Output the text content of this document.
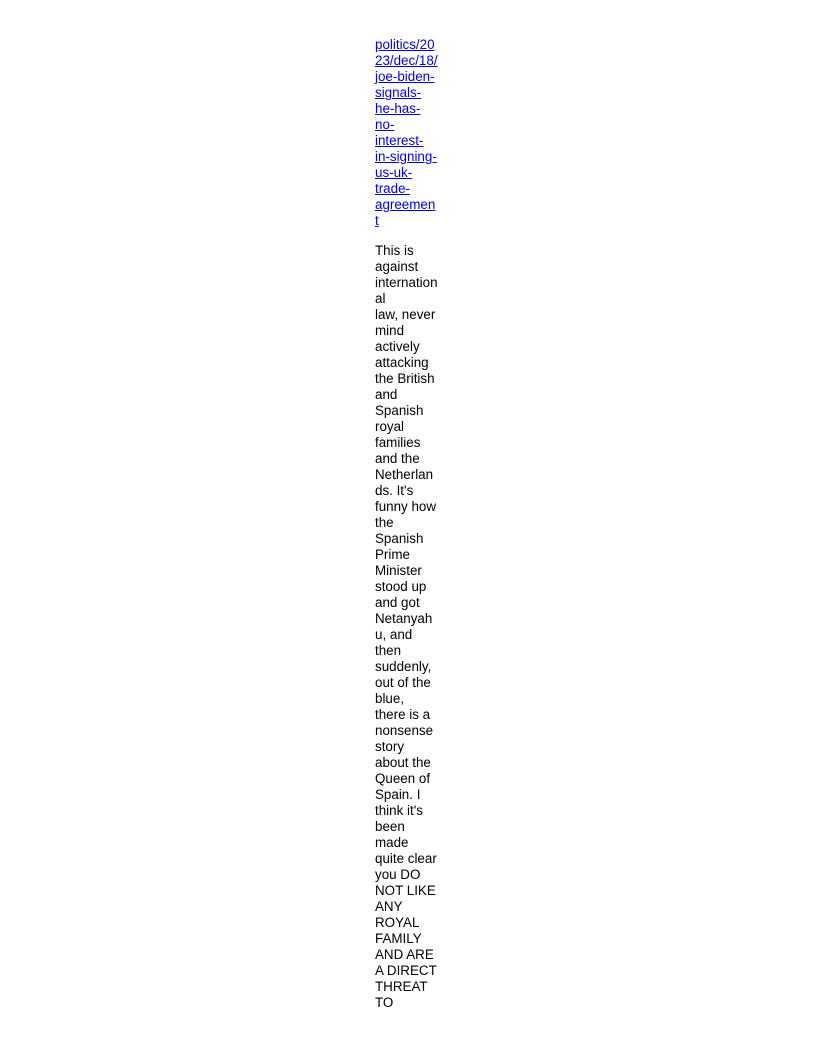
politics/20
23/dec/18/
joe-biden-
signals-
he-has-
no-
interest-
in-signing-
us-uk-
trade-
agreemen
t
This is
against
internation
al
law, never
mind
actively
attacking
the British
and
Spanish
royal
families
and the
Netherlan
ds. It's
funny how
the
Spanish
Prime
Minister
stood up
and got
Netanyah
u, and
then
suddenly,
out of the
blue,
there is a
nonsense
story
about the
Queen of
Spain. I
think it's
been
made
quite clear
you DO
NOT LIKE
ANY
ROYAL
FAMILY
AND ARE
A DIRECT
THREAT
TO
